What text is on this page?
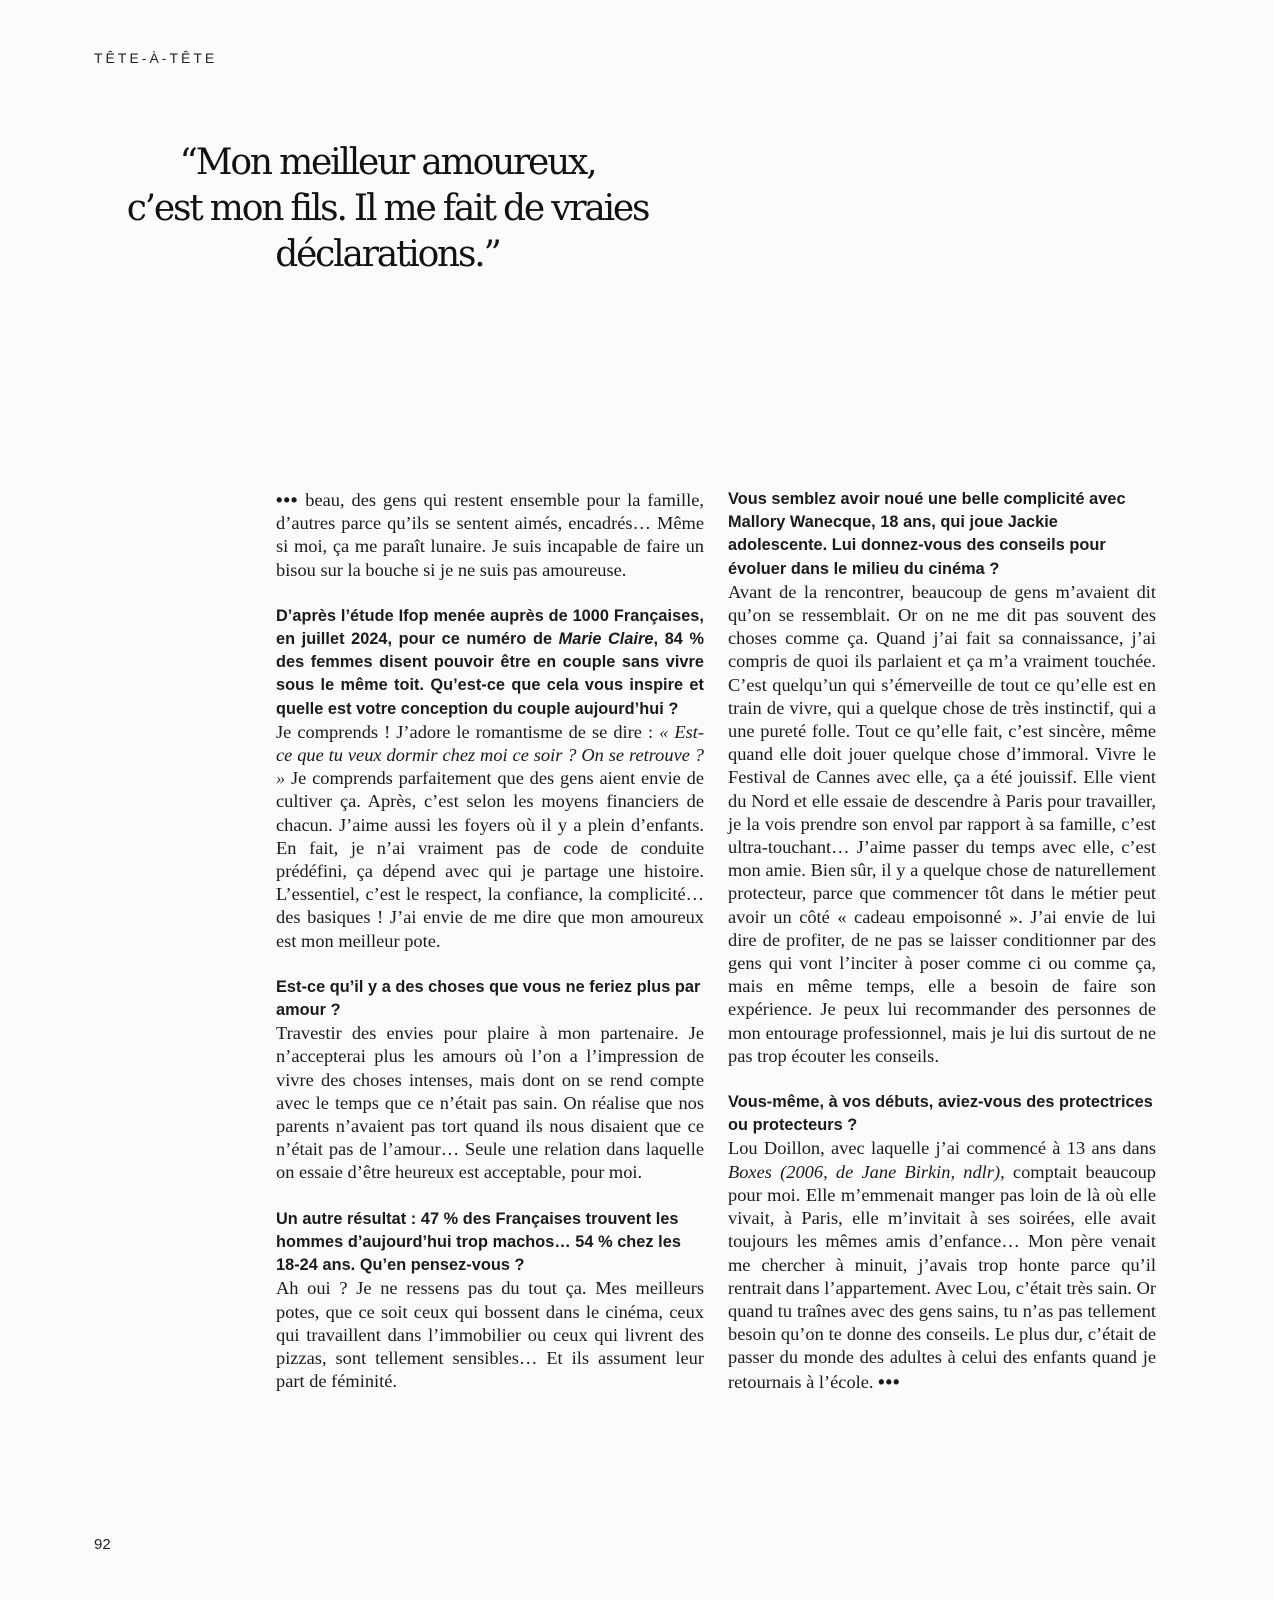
TÊTE-À-TÊTE

“Mon meilleur amoureux,
c’est mon fils. Il me fait de vraies
déclarations.”

••• beau, des gens qui restent ensemble pour la famille, d’autres parce qu’ils se sentent aimés, encadrés… Même si moi, ça me paraît lunaire. Je suis incapable de faire un bisou sur la bouche si je ne suis pas amoureuse.

D’après l’étude Ifop menée auprès de 1000 Françaises, en juillet 2024, pour ce numéro de Marie Claire, 84 % des femmes disent pouvoir être en couple sans vivre sous le même toit. Qu’est-ce que cela vous inspire et quelle est votre conception du couple aujourd’hui ?

Je comprends ! J’adore le romantisme de se dire : « Est-ce que tu veux dormir chez moi ce soir ? On se retrouve ? » Je comprends parfaitement que des gens aient envie de cultiver ça. Après, c’est selon les moyens financiers de chacun. J’aime aussi les foyers où il y a plein d’enfants. En fait, je n’ai vraiment pas de code de conduite prédéfini, ça dépend avec qui je partage une histoire. L’essentiel, c’est le respect, la confiance, la complicité… des basiques ! J’ai envie de me dire que mon amoureux est mon meilleur pote.

Est-ce qu’il y a des choses que vous ne feriez plus par amour ?

Travestir des envies pour plaire à mon partenaire. Je n’accepterai plus les amours où l’on a l’impression de vivre des choses intenses, mais dont on se rend compte avec le temps que ce n’était pas sain. On réalise que nos parents n’avaient pas tort quand ils nous disaient que ce n’était pas de l’amour… Seule une relation dans laquelle on essaie d’être heureux est acceptable, pour moi.

Un autre résultat : 47 % des Françaises trouvent les hommes d’aujourd’hui trop machos… 54 % chez les 18-24 ans. Qu’en pensez-vous ?

Ah oui ? Je ne ressens pas du tout ça. Mes meilleurs potes, que ce soit ceux qui bossent dans le cinéma, ceux qui travaillent dans l’immobilier ou ceux qui livrent des pizzas, sont tellement sensibles… Et ils assument leur part de féminité.

Vous semblez avoir noué une belle complicité avec Mallory Wanecque, 18 ans, qui joue Jackie adolescente. Lui donnez-vous des conseils pour évoluer dans le milieu du cinéma ?

Avant de la rencontrer, beaucoup de gens m’avaient dit qu’on se ressemblait. Or on ne me dit pas souvent des choses comme ça. Quand j’ai fait sa connaissance, j’ai compris de quoi ils parlaient et ça m’a vraiment touchée. C’est quelqu’un qui s’émerveille de tout ce qu’elle est en train de vivre, qui a quelque chose de très instinctif, qui a une pureté folle. Tout ce qu’elle fait, c’est sincère, même quand elle doit jouer quelque chose d’immoral. Vivre le Festival de Cannes avec elle, ça a été jouissif. Elle vient du Nord et elle essaie de descendre à Paris pour travailler, je la vois prendre son envol par rapport à sa famille, c’est ultra-touchant… J’aime passer du temps avec elle, c’est mon amie. Bien sûr, il y a quelque chose de naturellement protecteur, parce que commencer tôt dans le métier peut avoir un côté « cadeau empoisonné ». J’ai envie de lui dire de profiter, de ne pas se laisser conditionner par des gens qui vont l’inciter à poser comme ci ou comme ça, mais en même temps, elle a besoin de faire son expérience. Je peux lui recommander des personnes de mon entourage professionnel, mais je lui dis surtout de ne pas trop écouter les conseils.

Vous-même, à vos débuts, aviez-vous des protectrices ou protecteurs ?

Lou Doillon, avec laquelle j’ai commencé à 13 ans dans Boxes (2006, de Jane Birkin, ndlr), comptait beaucoup pour moi. Elle m’emmenait manger pas loin de là où elle vivait, à Paris, elle m’invitait à ses soirées, elle avait toujours les mêmes amis d’enfance… Mon père venait me chercher à minuit, j’avais trop honte parce qu’il rentrait dans l’appartement. Avec Lou, c’était très sain. Or quand tu traînes avec des gens sains, tu n’as pas tellement besoin qu’on te donne des conseils. Le plus dur, c’était de passer du monde des adultes à celui des enfants quand je retournais à l’école. •••

92
